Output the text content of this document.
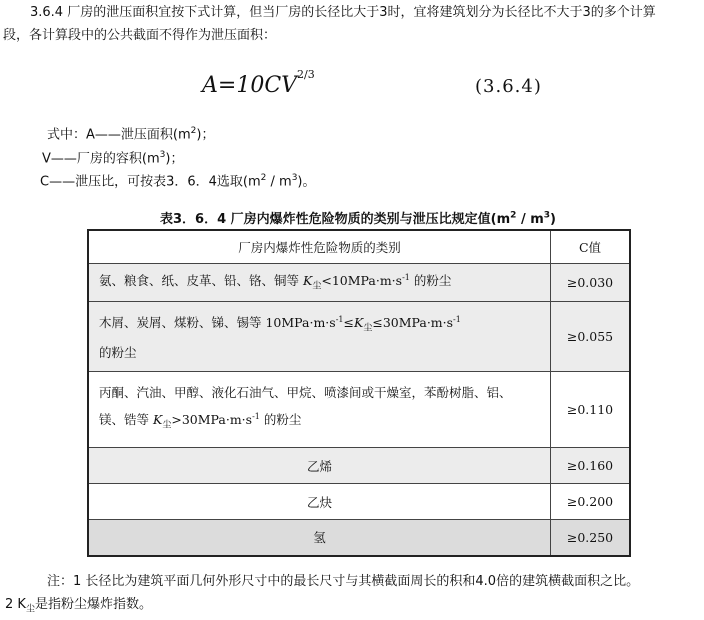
3.6.4 厂房的泄压面积宜按下式计算，但当厂房的长径比大于3时，宜将建筑划分为长径比不大于3的多个计算
段，各计算段中的公共截面不得作为泄压面积：
$A=10CV^{2/3}$
(3.6.4)
式中：A——泄压面积$(m^2)$；
V——厂房的容积$(m^3)$；
C——泄压比，可按表3．6．4选取$(m^2 / m^3)$。
表3．6．4 厂房内爆炸性危险物质的类别与泄压比规定值$(m^2 / m^3)$
厂房内爆炸性危险物质的类别	C值
氨、粮食、纸、皮革、铅、铬、铜等 $K_尘<10MPa\cdot m\cdot s^{-1}$ 的粉尘	≥0.030
木屑、炭屑、煤粉、锑、锡等 $10MPa\cdot m\cdot s^{-1}\le K_尘\le 30MPa\cdot m\cdot s^{-1}$
的粉尘	≥0.055
丙酮、汽油、甲醇、液化石油气、甲烷、喷漆间或干燥室，苯酚树脂、铝、
镁、锆等 $K_尘>30MPa\cdot m\cdot s^{-1}$ 的粉尘	≥0.110
乙烯	≥0.160
乙炔	≥0.200
氢	≥0.250
注：1 长径比为建筑平面几何外形尺寸中的最长尺寸与其横截面周长的积和4.0倍的建筑横截面积之比。
2 $K_尘$是指粉尘爆炸指数。
